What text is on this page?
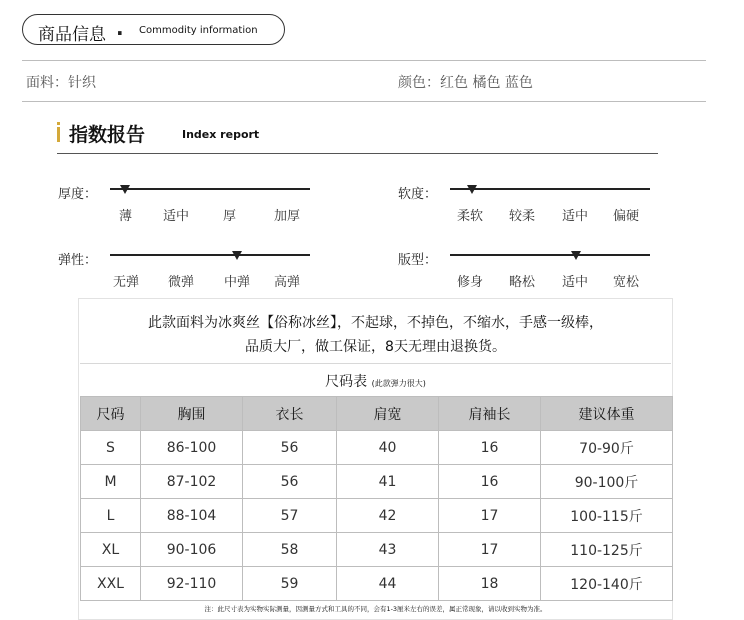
商品信息 . Commodity information
面料：针织	颜色：红色 橘色 蓝色
指数报告	Index report
厚度：
薄 适中	厚	加厚
软度：
柔软 较柔 适中 偏硬
弹性：
无弹 微弹 中弹 高弹
版型：
修身 略松 适中 宽松
此款面料为冰爽丝【俗称冰丝】，不起球，不掉色，不缩水，手感一级棒，
品质大厂，做工保证，8天无理由退换货。
尺码表 (此款弹力很大)
尺码	胸围	衣长	肩宽	肩袖长	建议体重
S	86-100	56	40	16	70-90斤
M	87-102	56	41	16	90-100斤
L	88-104	57	42	17	100-115斤
XL	90-106	58	43	17	110-125斤
XXL	92-110	59	44	18	120-140斤
注：此尺寸表为实物实际测量，因测量方式和工具的不同，会有1-3厘米左右的误差，属正常现象，请以收到实物为准。
